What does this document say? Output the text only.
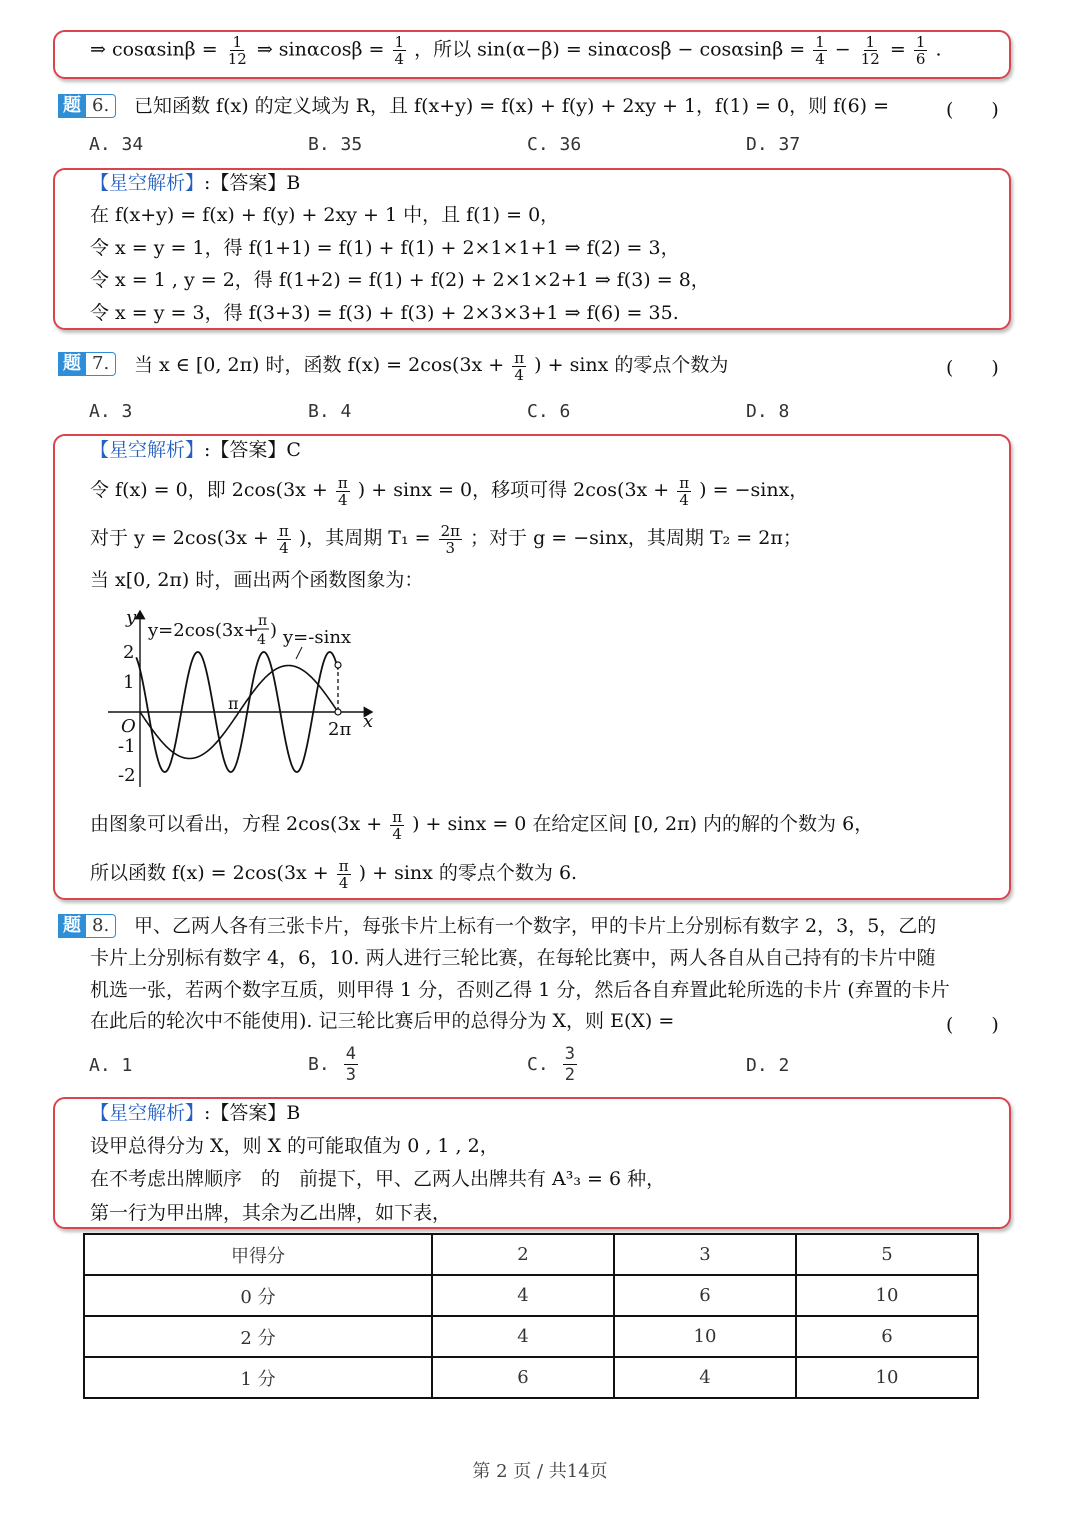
⇒ $\cos\alpha\sin\beta = \frac{1}{12}$ ⇒ $\sin\alpha\cos\beta = \frac{1}{4}$ ，所以 $\sin(\alpha-\beta) = \sin\alpha\cos\beta - \cos\alpha\sin\beta = \frac{1}{4} - \frac{1}{12} = \frac{1}{6}$ .
题 6.	已知函数 f(x) 的定义域为 R，且 f(x+y) = f(x) + f(y) + 2xy + 1，f(1) = 0，则 f(6) =	(　　)
A. 34	B. 35	C. 36	D. 37
【星空解析】:【答案】B
在 f(x+y) = f(x) + f(y) + 2xy + 1 中，且 f(1) = 0，
令 x = y = 1，得 f(1+1) = f(1) + f(1) + 2×1×1+1 ⇒ f(2) = 3，
令 x = 1 , y = 2，得 f(1+2) = f(1) + f(2) + 2×1×2+1 ⇒ f(3) = 8，
令 x = y = 3，得 f(3+3) = f(3) + f(3) + 2×3×3+1 ⇒ f(6) = 35.
题 7.	当 x ∈ [0, 2π) 时，函数 $f(x) = 2\cos(3x + \frac{\pi}{4}$ ) + sinx 的零点个数为	(　　)
A. 3	B. 4	C. 6	D. 8
【星空解析】:【答案】C
令 f(x) = 0，即 $2\cos(3x + \frac{\pi}{4}$ ) + sinx = 0，移项可得 $2\cos(3x + \frac{\pi}{4}$ ) = −sinx，
对于 $y = 2\cos(3x + \frac{\pi}{4}$ )，其周期 $T_1 = \frac{2\pi}{3}$ ；对于 g = −sinx，其周期 T₂ = 2π；
当 x[0, 2π) 时，画出两个函数图象为：
y
x
O
2
1
-1
-2
π
2π
y=2cos(3x+ π
4 ) y=-sinx
由图象可以看出，方程 $2\cos(3x + \frac{\pi}{4}$ ) + sinx = 0 在给定区间 [0, 2π) 内的解的个数为 6，
所以函数 $f(x) = 2\cos(3x + \frac{\pi}{4}$ ) + sinx 的零点个数为 6.
题 8.	甲、乙两人各有三张卡片，每张卡片上标有一个数字，甲的卡片上分别标有数字 2，3，5，乙的
卡片上分别标有数字 4，6，10. 两人进行三轮比赛，在每轮比赛中，两人各自从自己持有的卡片中随
机选一张，若两个数字互质，则甲得 1 分，否则乙得 1 分，然后各自弃置此轮所选的卡片 (弃置的卡片
在此后的轮次中不能使用). 记三轮比赛后甲的总得分为 X，则 E(X) =	(　　)
A. 1	B. $\frac{4}{3}$	C. $\frac{3}{2}$	D. 2
【星空解析】:【答案】B
设甲总得分为 X，则 X 的可能取值为 0 , 1 , 2，
在不考虑出牌顺序　的　前提下，甲、乙两人出牌共有 A³₃ = 6 种，
第一行为甲出牌，其余为乙出牌，如下表，
甲得分	2	3	5
0 分	4	6	10
2 分	4	10	6
1 分	6	4	10
第 2 页 / 共14页
